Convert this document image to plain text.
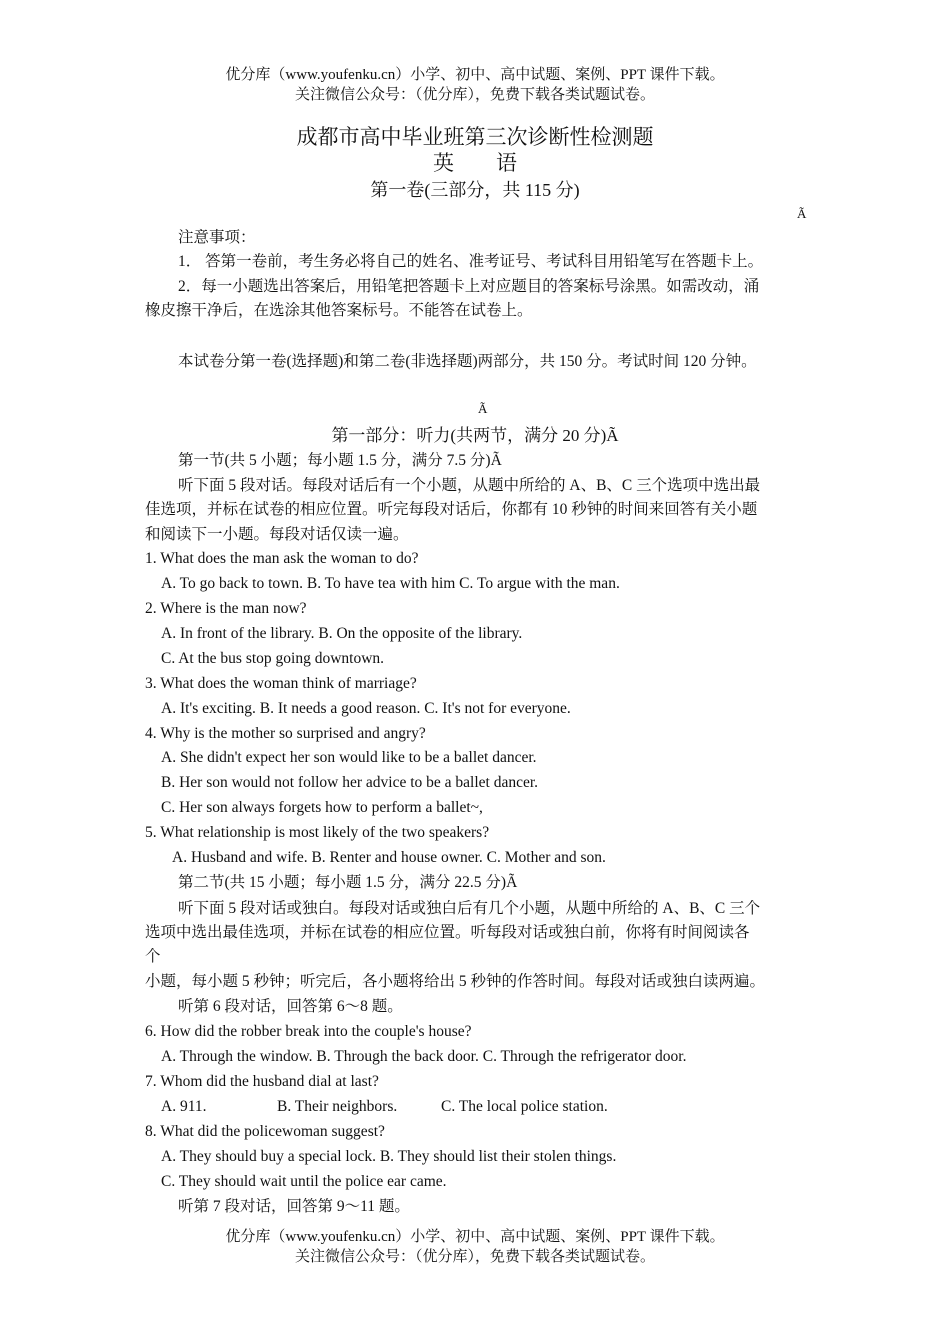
优分库（www.youfenku.cn）小学、初中、高中试题、案例、PPT 课件下载。
关注微信公众号：（优分库），免费下载各类试题试卷。
成都市高中毕业班第三次诊断性检测题
英　　语
第一卷(三部分，共 115 分)
Ã
注意事项：
1． 答第一卷前，考生务必将自己的姓名、准考证号、考试科目用铅笔写在答题卡上。
2．每一小题选出答案后，用铅笔把答题卡上对应题目的答案标号涂黑。如需改动，涌
橡皮擦干净后，在选涂其他答案标号。不能答在试卷上。
本试卷分第一卷(选择题)和第二卷(非选择题)两部分，共 150 分。考试时间 120 分钟。
Ã
第一部分：听力(共两节，满分 20 分)Ã
第一节(共 5 小题；每小题 1.5 分，满分 7.5 分)Ã
听下面 5 段对话。每段对话后有一个小题，从题中所给的 A、B、C 三个选项中选出最
佳选项，并标在试卷的相应位置。听完每段对话后，你都有 10 秒钟的时间来回答有关小题
和阅读下一小题。每段对话仅读一遍。
1. What does the man ask the woman to do?
A. To go back to town. B. To have tea with him C. To argue with the man.
2. Where is the man now?
A. In front of the library. B. On the opposite of the library.
C. At the bus stop going downtown.
3. What does the woman think of marriage?
A. It's exciting. B. It needs a good reason. C. It's not for everyone.
4. Why is the mother so surprised and angry?
A. She didn't expect her son would like to be a ballet dancer.
B. Her son would not follow her advice to be a ballet dancer.
C. Her son always forgets how to perform a ballet~,
5. What relationship is most likely of the two speakers?
A. Husband and wife. B. Renter and house owner. C. Mother and son.
第二节(共 15 小题；每小题 1.5 分，满分 22.5 分)Ã
听下面 5 段对话或独白。每段对话或独白后有几个小题，从题中所给的 A、B、C 三个
选项中选出最佳选项，并标在试卷的相应位置。听每段对话或独白前，你将有时间阅读各
个
小题，每小题 5 秒钟；听完后，各小题将给出 5 秒钟的作答时间。每段对话或独白读两遍。
听第 6 段对话，回答第 6～8 题。
6. How did the robber break into the couple's house?
A. Through the window. B. Through the back door. C. Through the refrigerator door.
7. Whom did the husband dial at last?
A. 911.	B. Their neighbors.	C. The local police station.
8. What did the policewoman suggest?
A. They should buy a special lock. B. They should list their stolen things.
C. They should wait until the police ear came.
听第 7 段对话，回答第 9～11 题。
优分库（www.youfenku.cn）小学、初中、高中试题、案例、PPT 课件下载。
关注微信公众号：（优分库），免费下载各类试题试卷。
